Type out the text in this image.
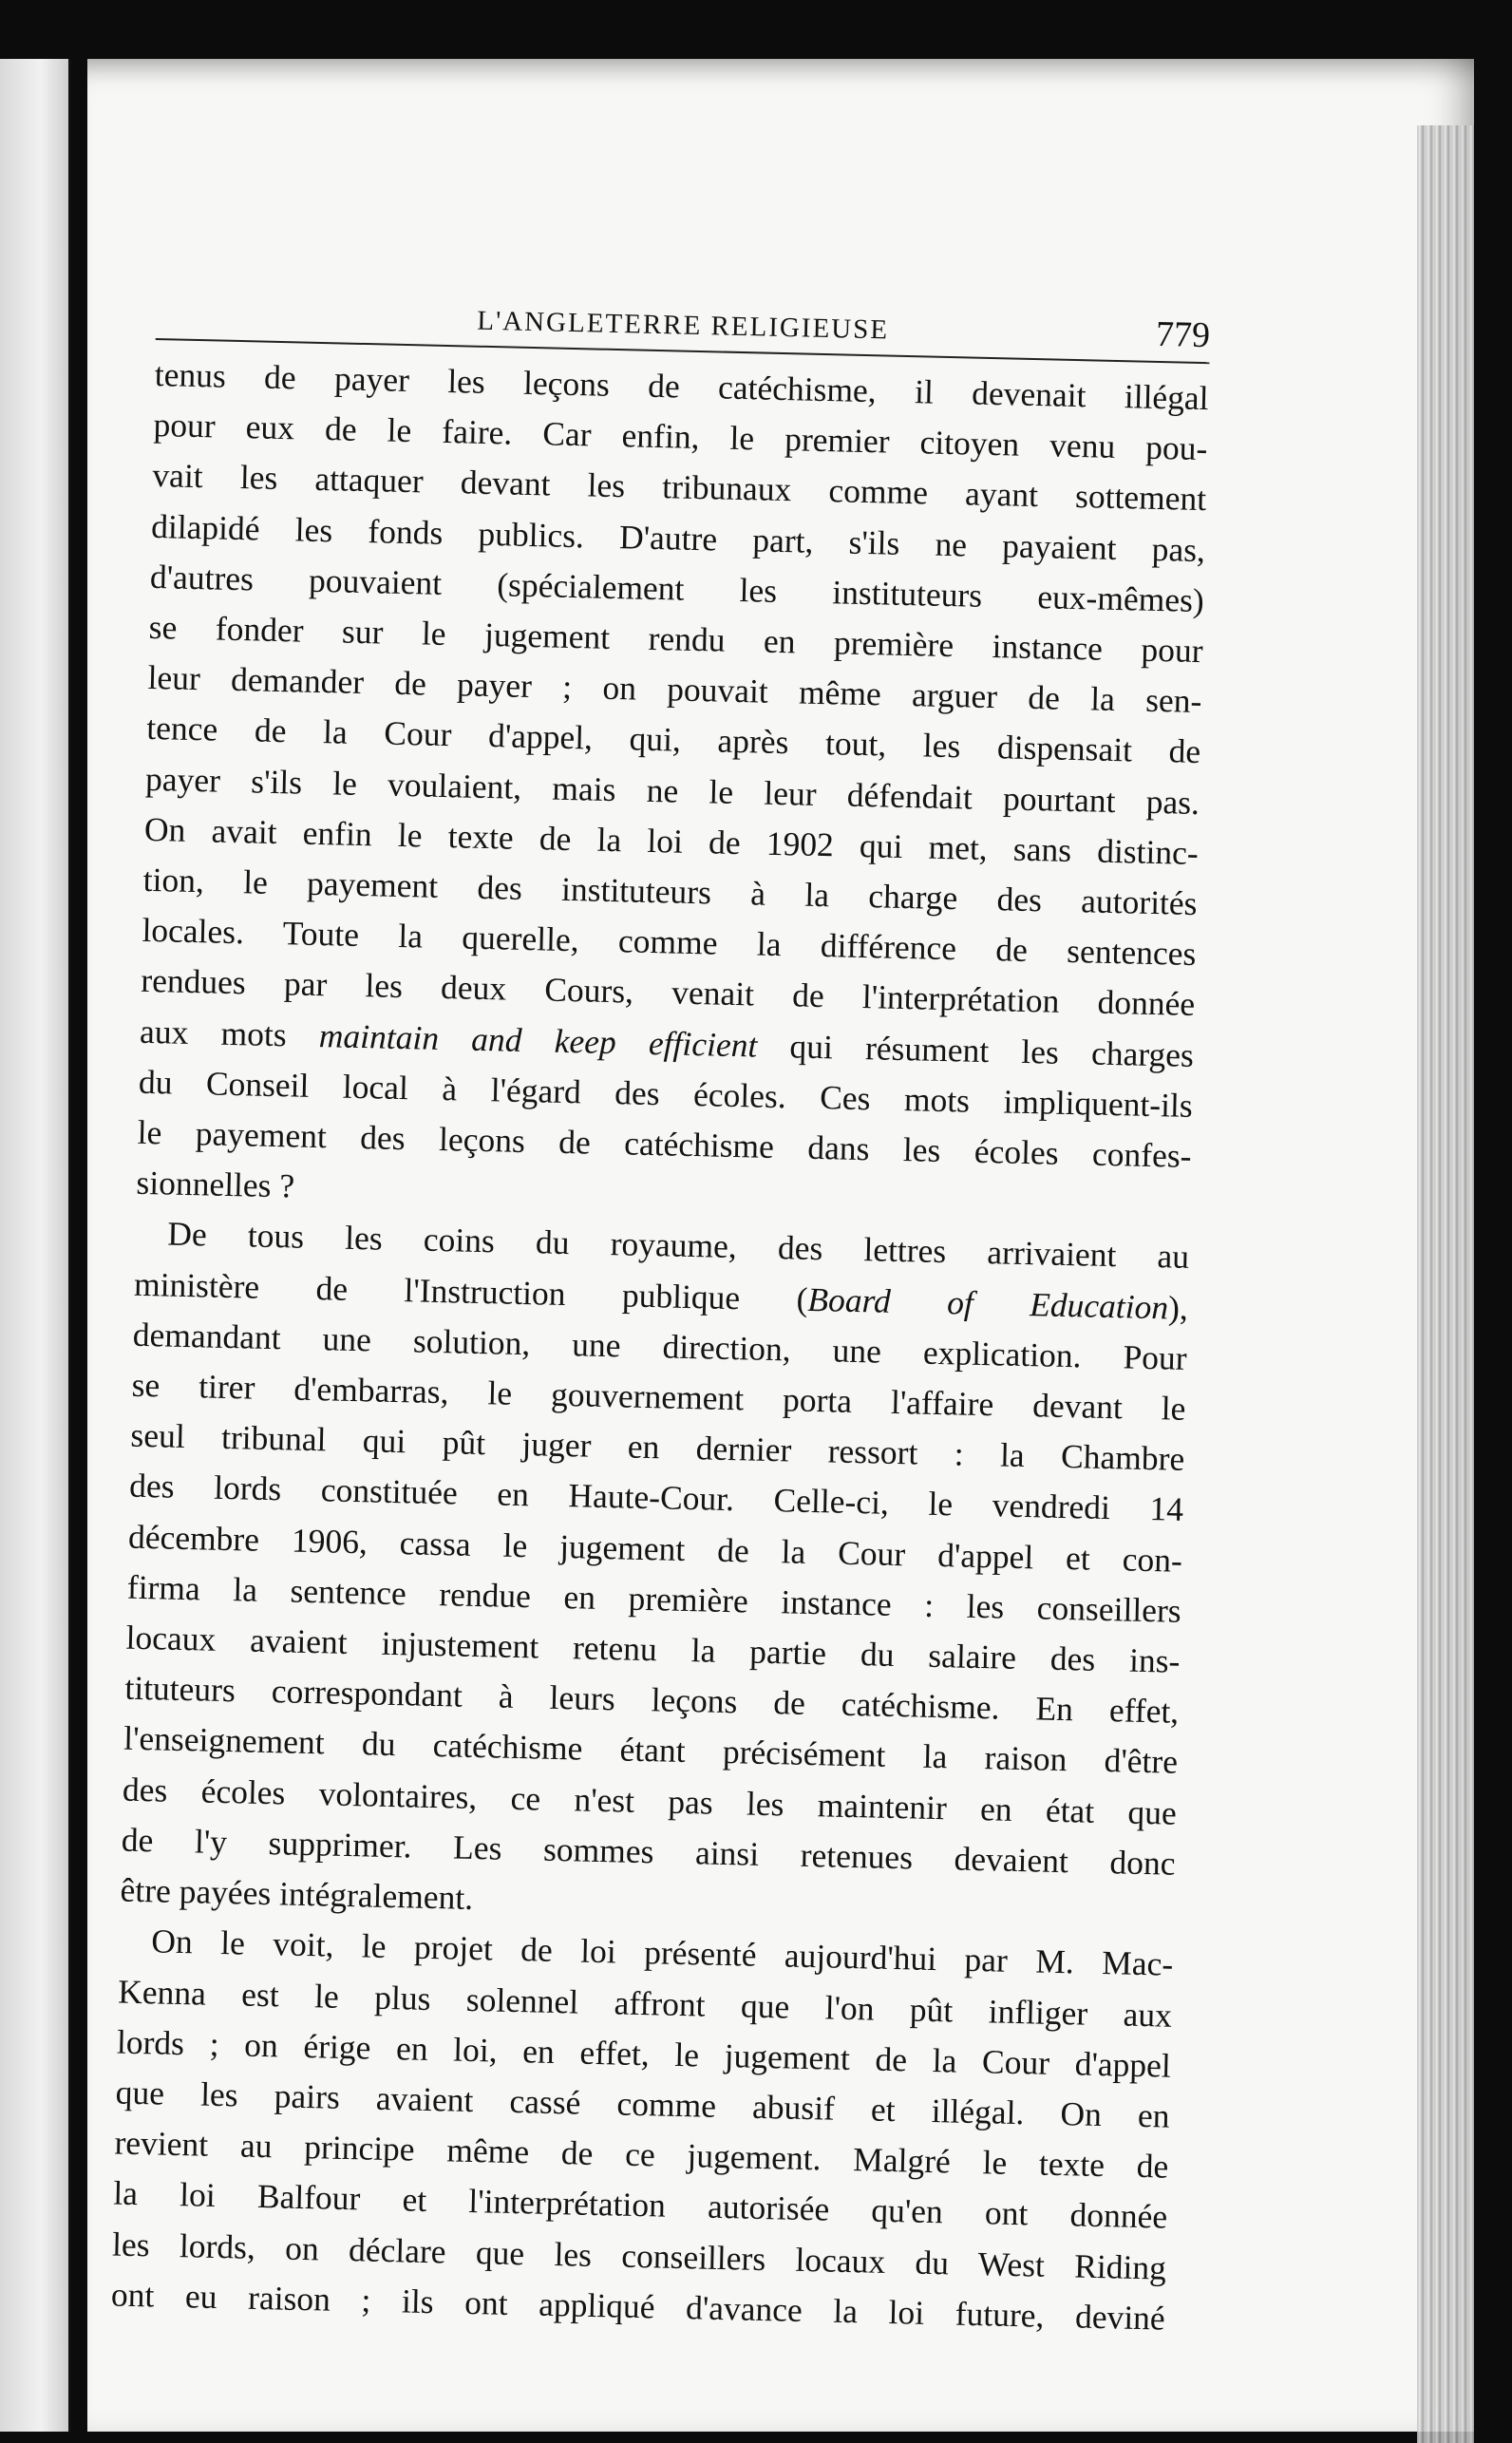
L'ANGLETERRE RELIGIEUSE	779

tenus de payer les leçons de catéchisme, il devenait illégal
pour eux de le faire. Car enfin, le premier citoyen venu pou-
vait les attaquer devant les tribunaux comme ayant sottement
dilapidé les fonds publics. D'autre part, s'ils ne payaient pas,
d'autres pouvaient (spécialement les instituteurs eux-mêmes)
se fonder sur le jugement rendu en première instance pour
leur demander de payer ; on pouvait même arguer de la sen-
tence de la Cour d'appel, qui, après tout, les dispensait de
payer s'ils le voulaient, mais ne le leur défendait pourtant pas.
On avait enfin le texte de la loi de 1902 qui met, sans distinc-
tion, le payement des instituteurs à la charge des autorités
locales. Toute la querelle, comme la différence de sentences
rendues par les deux Cours, venait de l'interprétation donnée
aux mots maintain and keep efficient qui résument les charges
du Conseil local à l'égard des écoles. Ces mots impliquent-ils
le payement des leçons de catéchisme dans les écoles confes-
sionnelles ?

De tous les coins du royaume, des lettres arrivaient au
ministère de l'Instruction publique (Board of Education),
demandant une solution, une direction, une explication. Pour
se tirer d'embarras, le gouvernement porta l'affaire devant le
seul tribunal qui pût juger en dernier ressort : la Chambre
des lords constituée en Haute-Cour. Celle-ci, le vendredi 14
décembre 1906, cassa le jugement de la Cour d'appel et con-
firma la sentence rendue en première instance : les conseillers
locaux avaient injustement retenu la partie du salaire des ins-
tituteurs correspondant à leurs leçons de catéchisme. En effet,
l'enseignement du catéchisme étant précisément la raison d'être
des écoles volontaires, ce n'est pas les maintenir en état que
de l'y supprimer. Les sommes ainsi retenues devaient donc
être payées intégralement.

On le voit, le projet de loi présenté aujourd'hui par M. Mac-
Kenna est le plus solennel affront que l'on pût infliger aux
lords ; on érige en loi, en effet, le jugement de la Cour d'appel
que les pairs avaient cassé comme abusif et illégal. On en
revient au principe même de ce jugement. Malgré le texte de
la loi Balfour et l'interprétation autorisée qu'en ont donnée
les lords, on déclare que les conseillers locaux du West Riding
ont eu raison ; ils ont appliqué d'avance la loi future, deviné
